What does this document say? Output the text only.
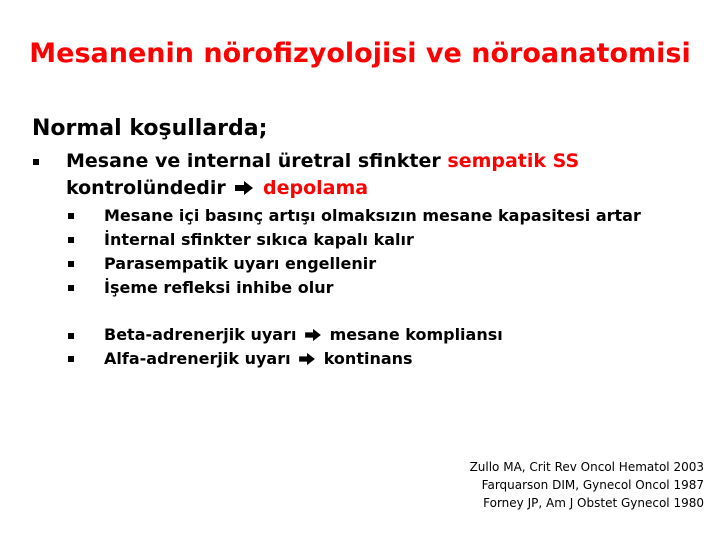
Mesanenin nörofizyolojisi ve nöroanatomisi
Normal koşullarda;
Mesane ve internal üretral sfinkter sempatik SS
kontrolündedir  depolama
Mesane içi basınç artışı olmaksızın mesane kapasitesi artar
İnternal sfinkter sıkıca kapalı kalır
Parasempatik uyarı engellenir
İşeme refleksi inhibe olur
Beta-adrenerjik uyarı  mesane kompliansı
Alfa-adrenerjik uyarı  kontinans
Zullo MA, Crit Rev Oncol Hematol 2003
Farquarson DIM, Gynecol Oncol 1987
Forney JP, Am J Obstet Gynecol 1980
